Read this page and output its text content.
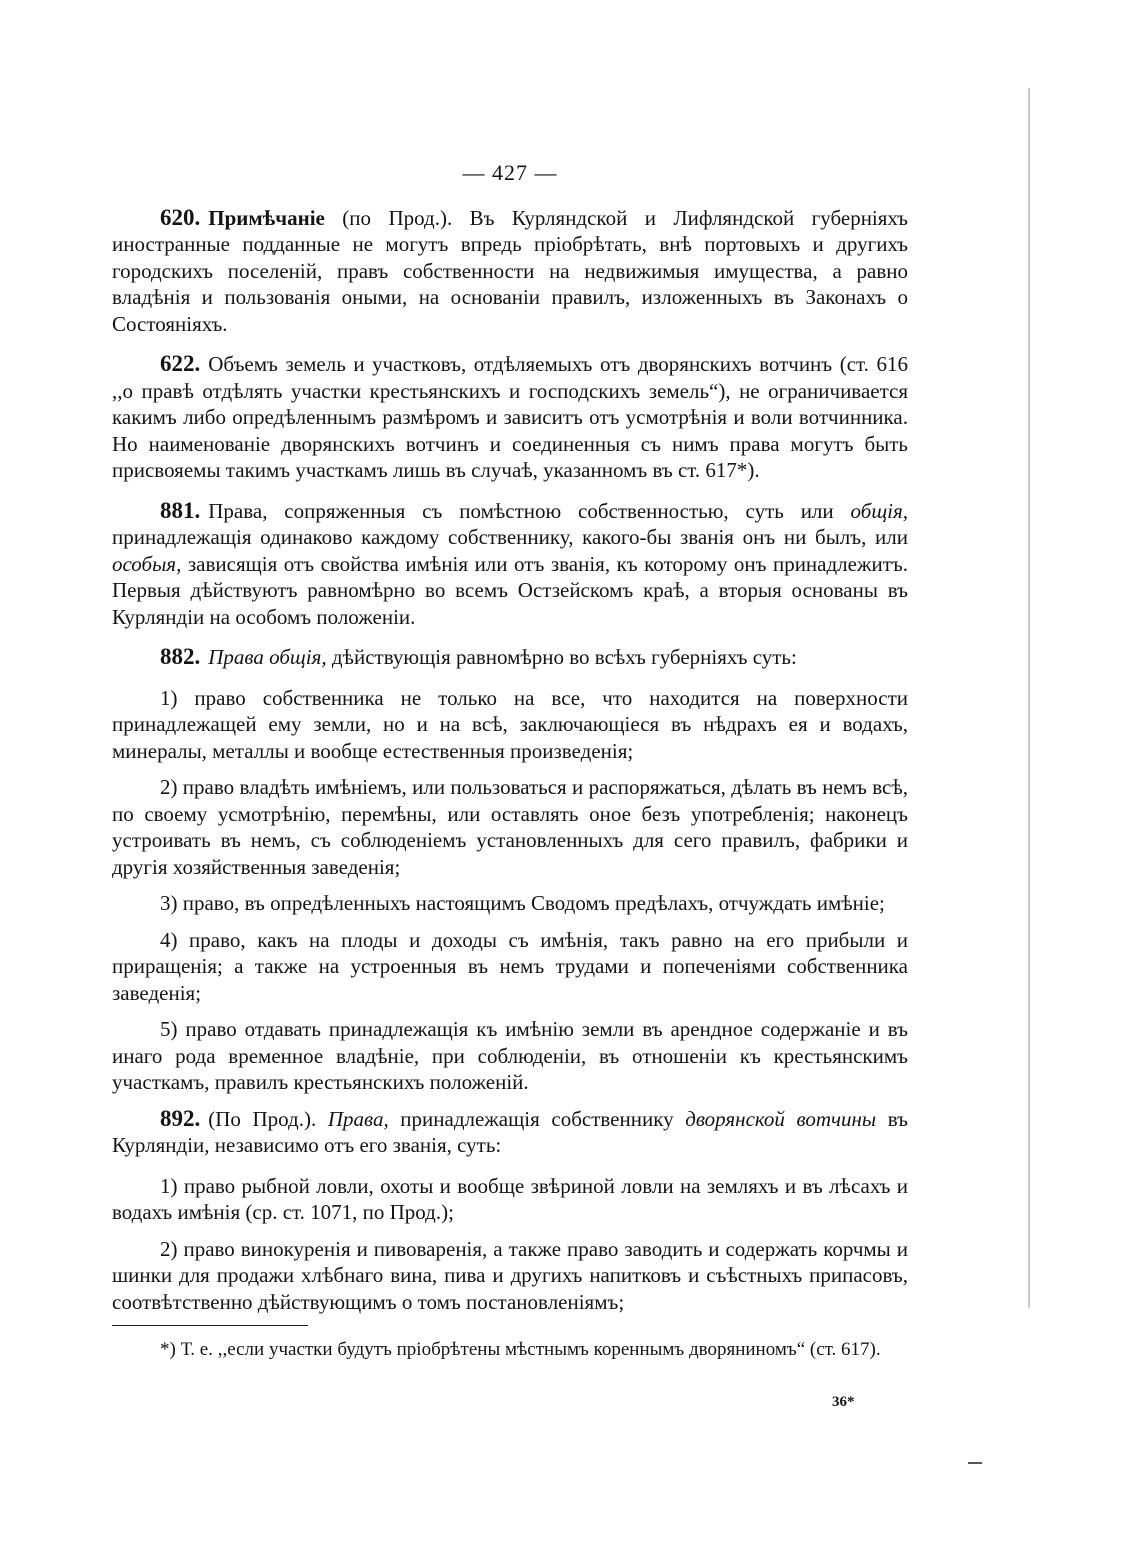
— 427 —

620. Примѣчаніе (по Прод.). Въ Курляндской и Лифляндской губерніяхъ иностранные подданные не могутъ впредь пріобрѣтать, внѣ портовыхъ и другихъ городскихъ поселеній, правъ собственности на недвижимыя имущества, а равно владѣнія и пользованія оными, на основаніи правилъ, изложенныхъ въ Законахъ о Состояніяхъ.

622. Объемъ земель и участковъ, отдѣляемыхъ отъ дворянскихъ вотчинъ (ст. 616 ,,о правѣ отдѣлять участки крестьянскихъ и господскихъ земель“), не ограничивается какимъ либо опредѣленнымъ размѣромъ и зависитъ отъ усмотрѣнія и воли вотчинника. Но наименованіе дворянскихъ вотчинъ и соединенныя съ нимъ права могутъ быть присвояемы такимъ участкамъ лишь въ случаѣ, указанномъ въ ст. 617*).

881. Права, сопряженныя съ помѣстною собственностью, суть или общія, принадлежащія одинаково каждому собственнику, какого-бы званія онъ ни былъ, или особыя, зависящія отъ свойства имѣнія или отъ званія, къ которому онъ принадлежитъ. Первыя дѣйствуютъ равномѣрно во всемъ Остзейскомъ краѣ, а вторыя основаны въ Курляндіи на особомъ положеніи.

882. Права общія, дѣйствующія равномѣрно во всѣхъ губерніяхъ суть:

1) право собственника не только на все, что находится на поверхности принадлежащей ему земли, но и на всѣ, заключающіеся въ нѣдрахъ ея и водахъ, минералы, металлы и вообще естественныя произведенія;

2) право владѣть имѣніемъ, или пользоваться и распоряжаться, дѣлать въ немъ всѣ, по своему усмотрѣнію, перемѣны, или оставлять оное безъ употребленія; наконецъ устроивать въ немъ, съ соблюденіемъ установленныхъ для сего правилъ, фабрики и другія хозяйственныя заведенія;

3) право, въ опредѣленныхъ настоящимъ Сводомъ предѣлахъ, отчуждать имѣніе;

4) право, какъ на плоды и доходы съ имѣнія, такъ равно на его прибыли и приращенія; а также на устроенныя въ немъ трудами и попеченіями собственника заведенія;

5) право отдавать принадлежащія къ имѣнію земли въ арендное содержаніе и въ инаго рода временное владѣніе, при соблюденіи, въ отношеніи къ крестьянскимъ участкамъ, правилъ крестьянскихъ положеній.

892. (По Прод.). Права, принадлежащія собственнику дворянской вотчины въ Курляндіи, независимо отъ его званія, суть:

1) право рыбной ловли, охоты и вообще звѣриной ловли на земляхъ и въ лѣсахъ и водахъ имѣнія (ср. ст. 1071, по Прод.);

2) право винокуренія и пивоваренія, а также право заводить и содержать корчмы и шинки для продажи хлѣбнаго вина, пива и другихъ напитковъ и съѣстныхъ припасовъ, соотвѣтственно дѣйствующимъ о томъ постановленіямъ;

*) Т. е. ,,если участки будутъ пріобрѣтены мѣстнымъ кореннымъ дворяниномъ“ (ст. 617).

36*
